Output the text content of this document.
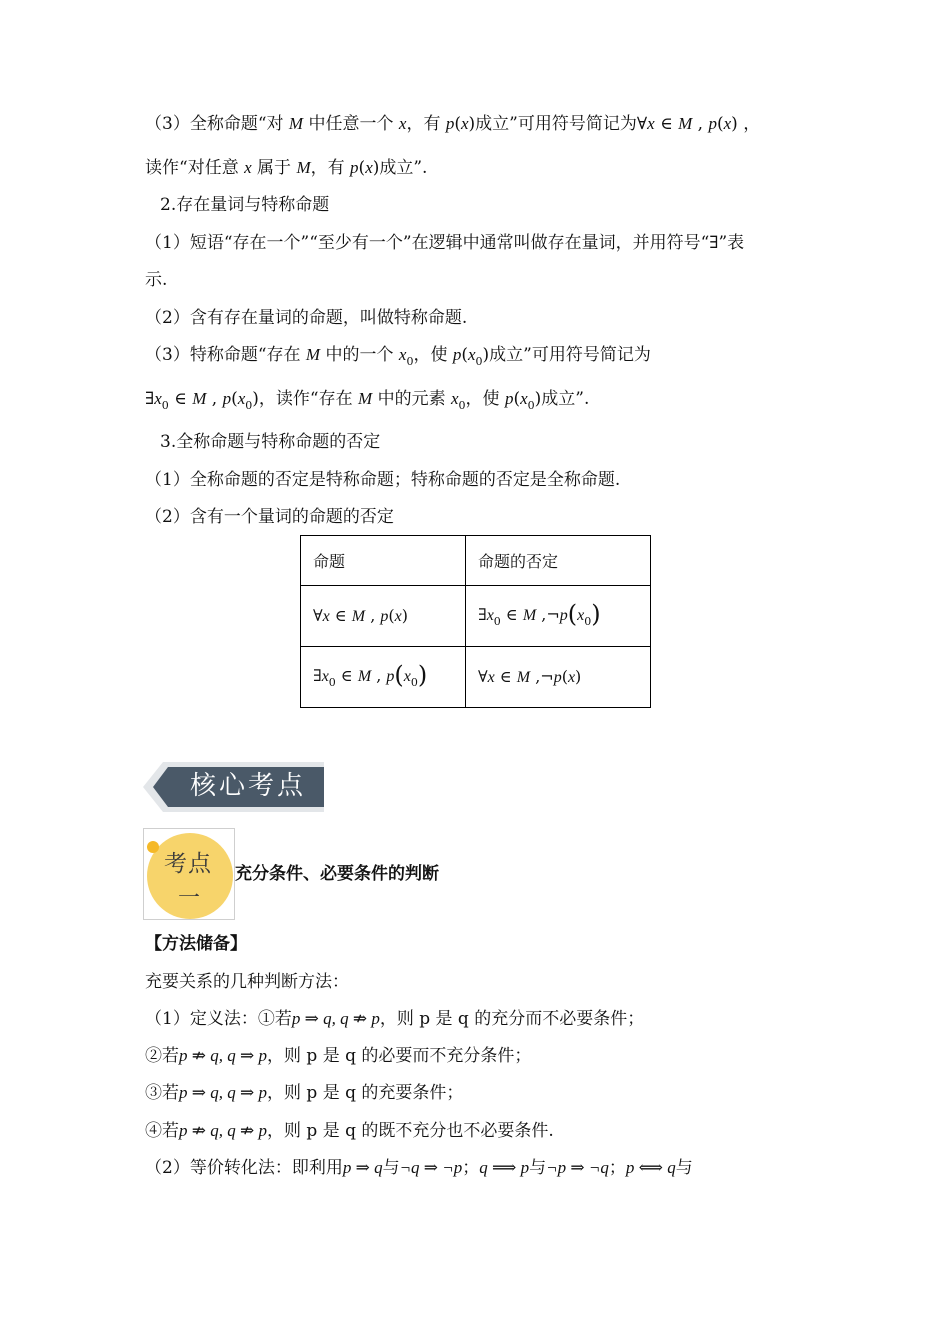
（3）全称命题“对 M 中任意一个 x，有 p(x)成立”可用符号简记为∀x ∈ M , p(x) ，
读作“对任意 x 属于 M，有 p(x)成立”.
2.存在量词与特称命题
（1）短语“存在一个”“至少有一个”在逻辑中通常叫做存在量词，并用符号“∃”表
示.
（2）含有存在量词的命题，叫做特称命题.
（3）特称命题“存在 M 中的一个 $x_0$，使 $p(x_0)$成立”可用符号简记为
$\exists x_0$ ∈ M , $p(x_0)$，读作“存在 M 中的元素 $x_0$，使 $p(x_0)$成立”.
3.全称命题与特称命题的否定
（1）全称命题的否定是特称命题；特称命题的否定是全称命题.
（2）含有一个量词的命题的否定
命题	命题的否定
∀x ∈ M , p(x)	$\exists x_0$ ∈ M $,\neg p(x_0)$
$\exists x_0$ ∈ M , $p(x_0)$	∀x ∈ M ,¬p(x)
核心考点
考点
一
充分条件、必要条件的判断
【方法储备】
充要关系的几种判断方法：
（1）定义法：①若p ⇒ q, q ⇏ p，则 p 是 q 的充分而不必要条件；
②若p ⇏ q, q ⇒ p，则 p 是 q 的必要而不充分条件；
③若p ⇒ q, q ⇒ p，则 p 是 q 的充要条件；
④若p ⇏ q, q ⇏ p，则 p 是 q 的既不充分也不必要条件.
（2）等价转化法：即利用p ⇒ q与¬q ⇒ ¬p；q ⟹ p与¬p ⇒ ¬q；p ⟺ q与
